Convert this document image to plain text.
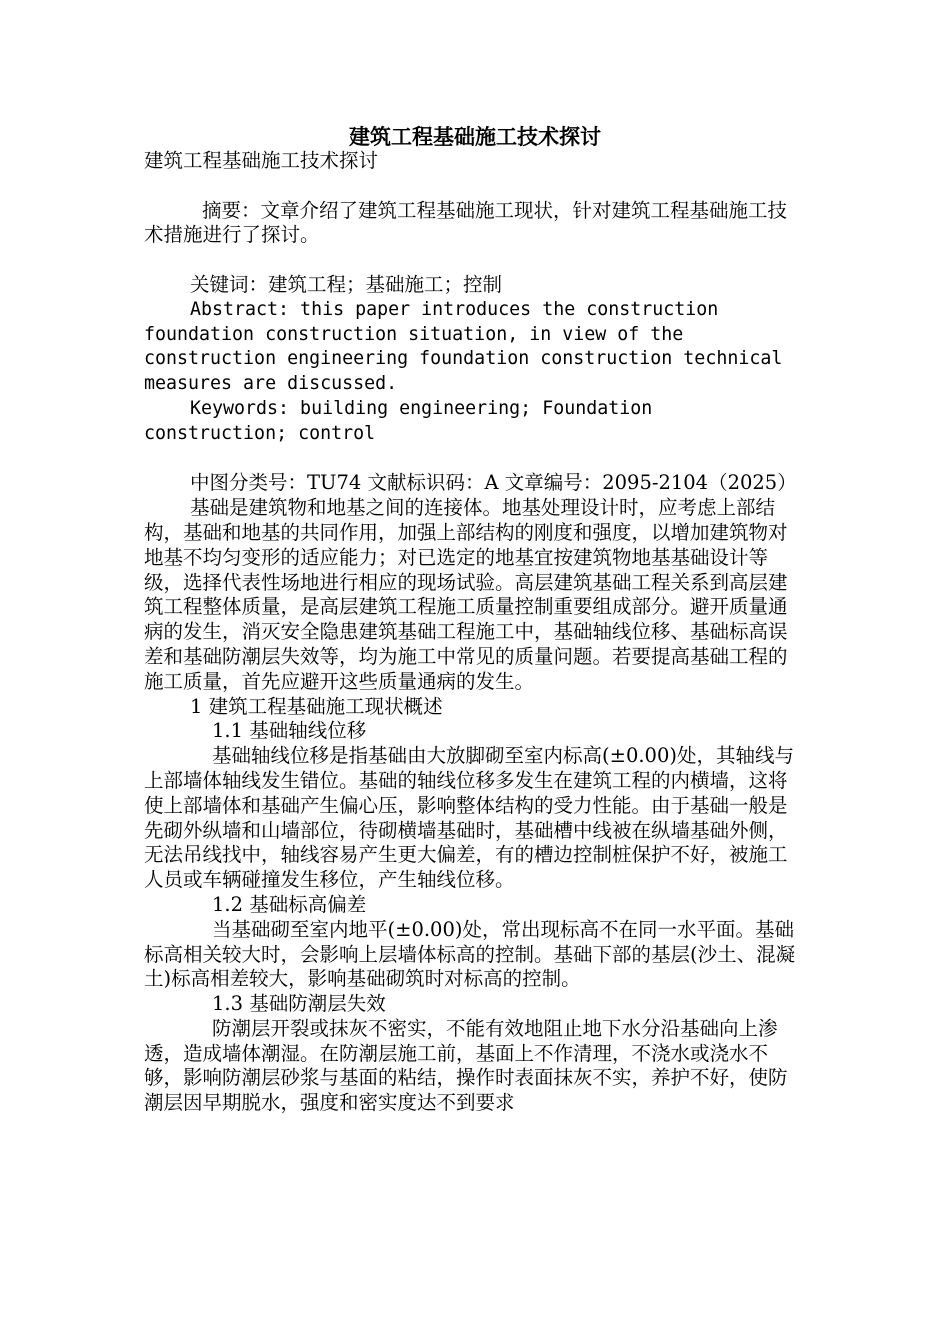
建筑工程基础施工技术探讨

建筑工程基础施工技术探讨

摘要：文章介绍了建筑工程基础施工现状，针对建筑工程基础施工技术措施进行了探讨。

关键词：建筑工程；基础施工；控制

Abstract: this paper introduces the construction foundation construction situation, in view of the construction engineering foundation construction technical measures are discussed.

Keywords: building engineering; Foundation construction; control

中图分类号：TU74 文献标识码：A 文章编号：2095-2104（2025）

基础是建筑物和地基之间的连接体。地基处理设计时，应考虑上部结构，基础和地基的共同作用，加强上部结构的刚度和强度，以增加建筑物对地基不均匀变形的适应能力；对已选定的地基宜按建筑物地基基础设计等级，选择代表性场地进行相应的现场试验。高层建筑基础工程关系到高层建筑工程整体质量，是高层建筑工程施工质量控制重要组成部分。避开质量通病的发生，消灭安全隐患建筑基础工程施工中，基础轴线位移、基础标高误差和基础防潮层失效等，均为施工中常见的质量问题。若要提高基础工程的施工质量，首先应避开这些质量通病的发生。

1 建筑工程基础施工现状概述

1.1 基础轴线位移

基础轴线位移是指基础由大放脚砌至室内标高(±0.00)处，其轴线与上部墙体轴线发生错位。基础的轴线位移多发生在建筑工程的内横墙，这将使上部墙体和基础产生偏心压，影响整体结构的受力性能。由于基础一般是先砌外纵墙和山墙部位，待砌横墙基础时，基础槽中线被在纵墙基础外侧，无法吊线找中，轴线容易产生更大偏差，有的槽边控制桩保护不好，被施工人员或车辆碰撞发生移位，产生轴线位移。

1.2 基础标高偏差

当基础砌至室内地平(±0.00)处，常出现标高不在同一水平面。基础标高相关较大时，会影响上层墙体标高的控制。基础下部的基层(沙土、混凝土)标高相差较大，影响基础砌筑时对标高的控制。

1.3 基础防潮层失效

防潮层开裂或抹灰不密实，不能有效地阻止地下水分沿基础向上渗透，造成墙体潮湿。在防潮层施工前，基面上不作清理，不浇水或浇水不够，影响防潮层砂浆与基面的粘结，操作时表面抹灰不实，养护不好，使防潮层因早期脱水，强度和密实度达不到要求
